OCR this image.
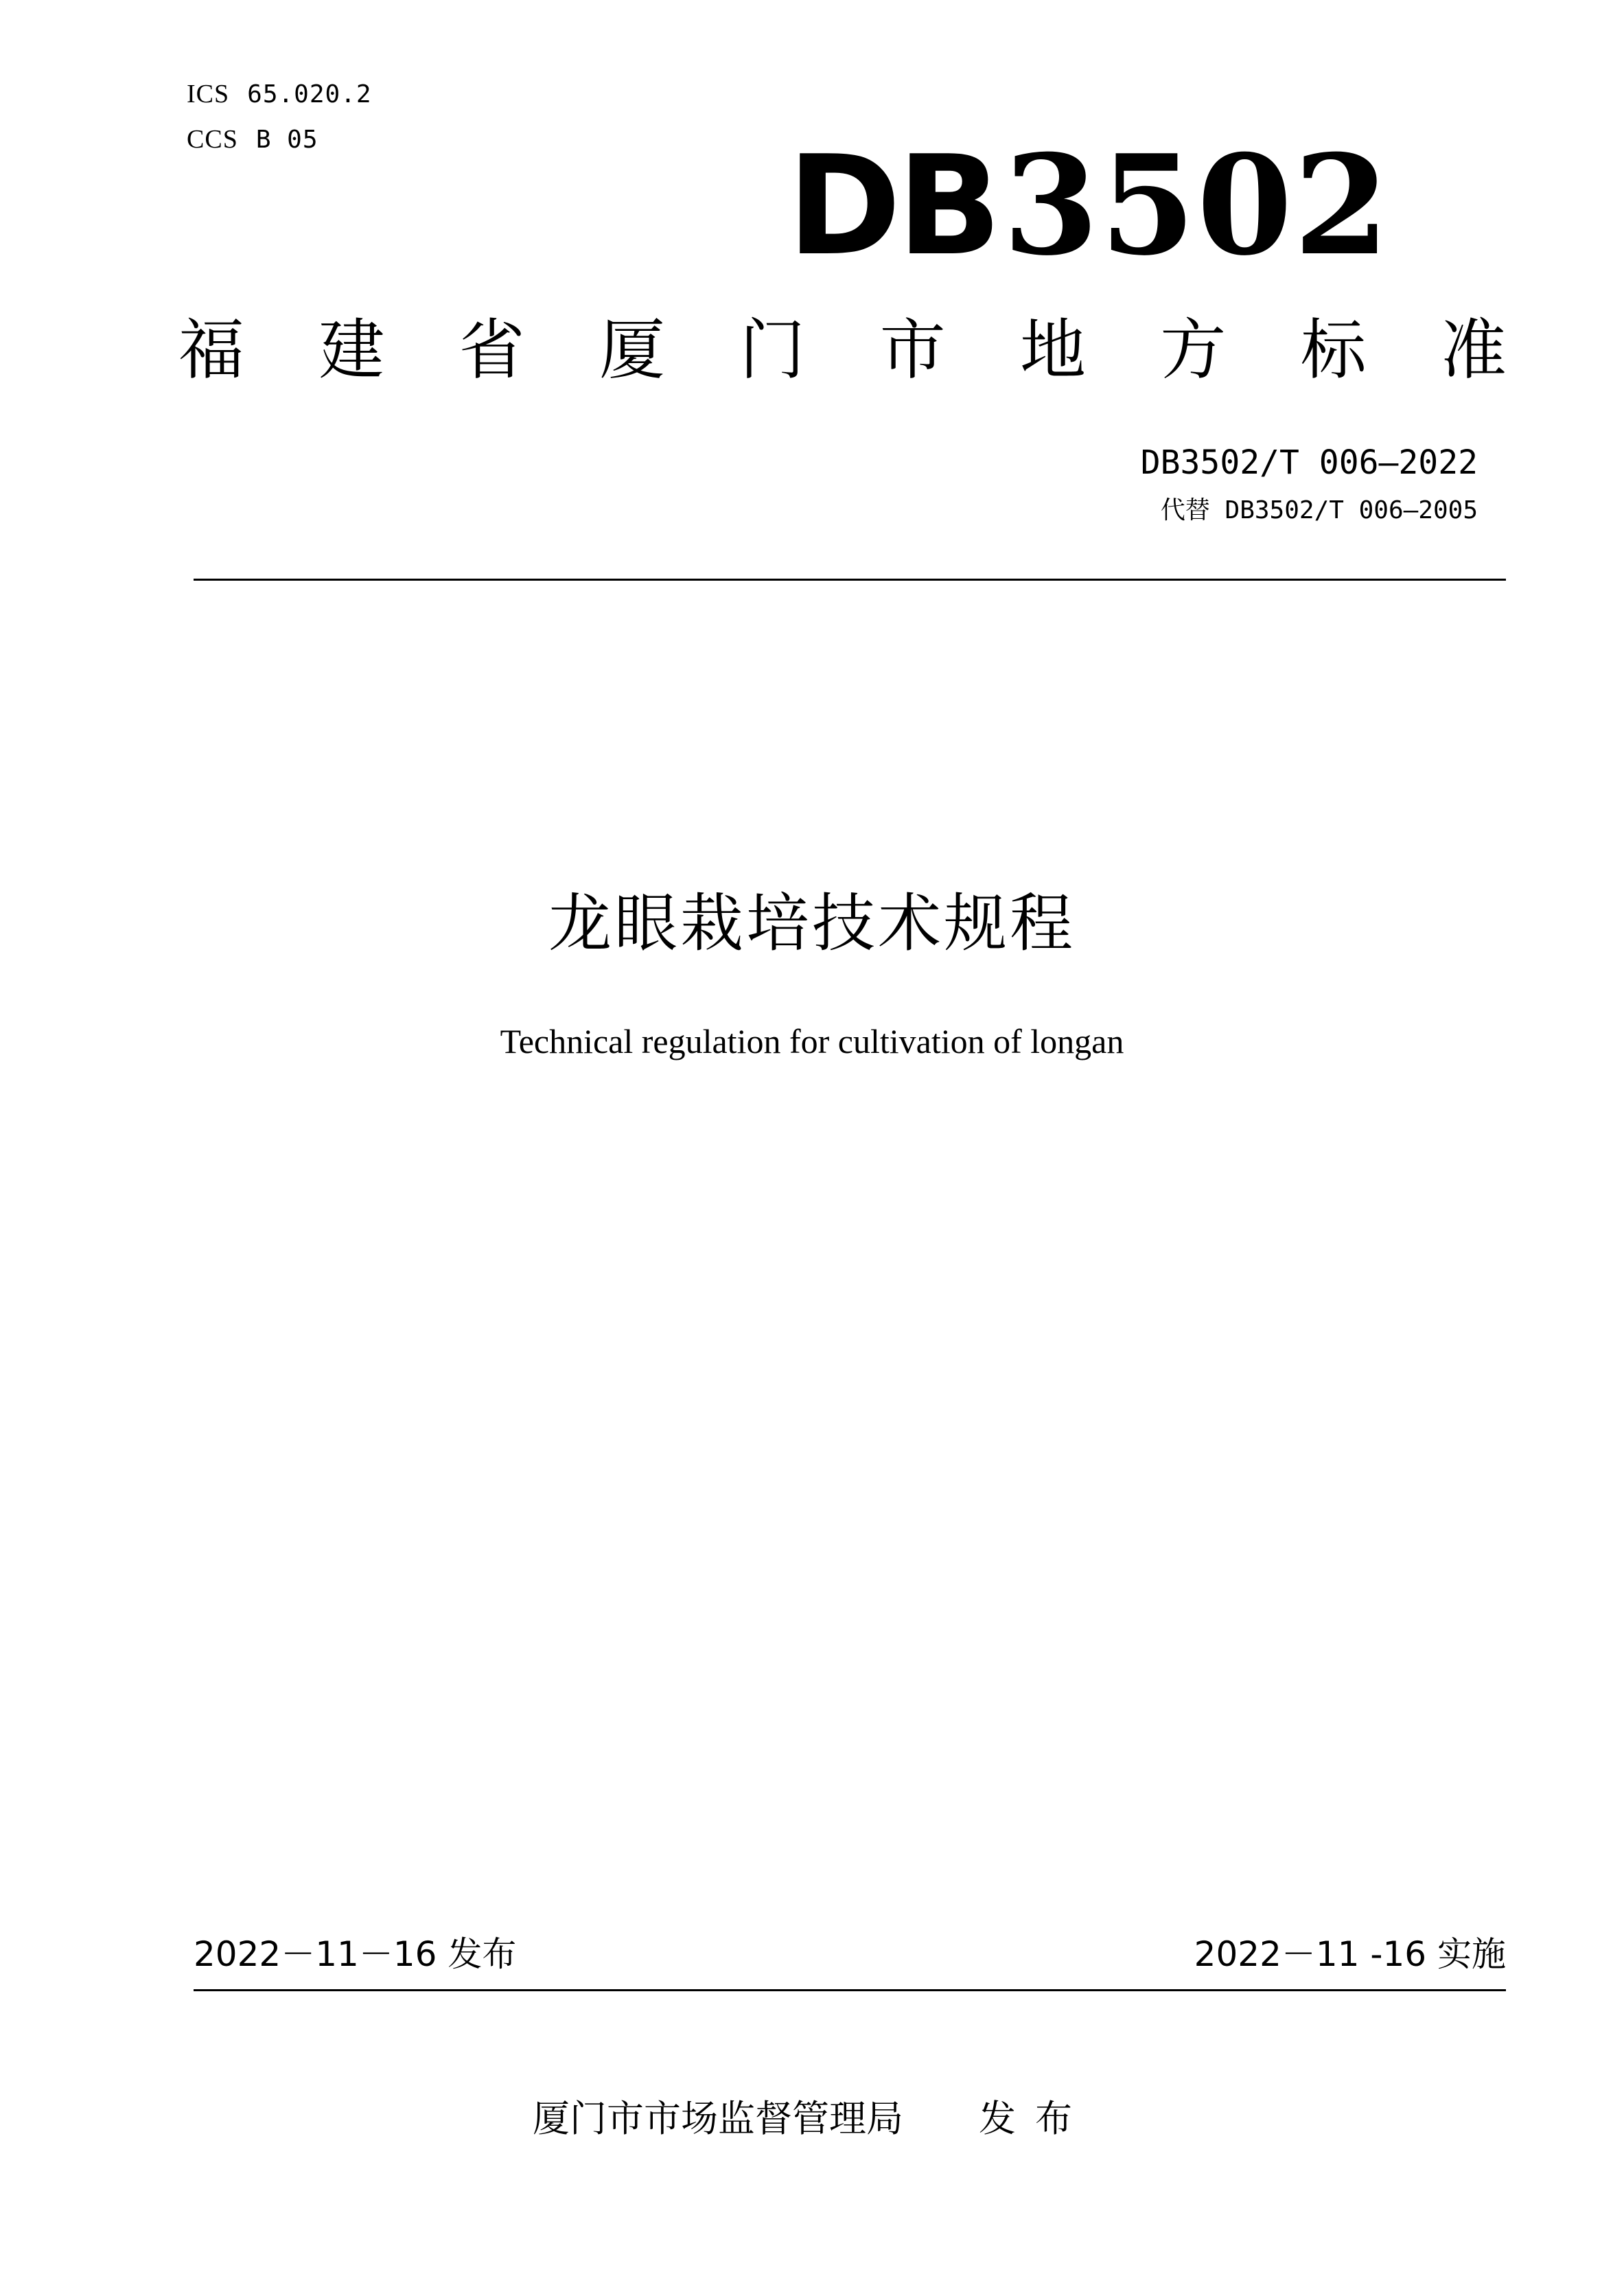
ICS 65.020.2
CCS B 05	DB3502
福 建 省 厦 门 市 地 方 标 准
DB3502/T 006—2022
代替 DB3502/T 006—2005
龙眼栽培技术规程
Technical regulation for cultivation of longan
2022－11－16 发布	2022－11 -16 实施
厦门市市场监督管理局 发布
